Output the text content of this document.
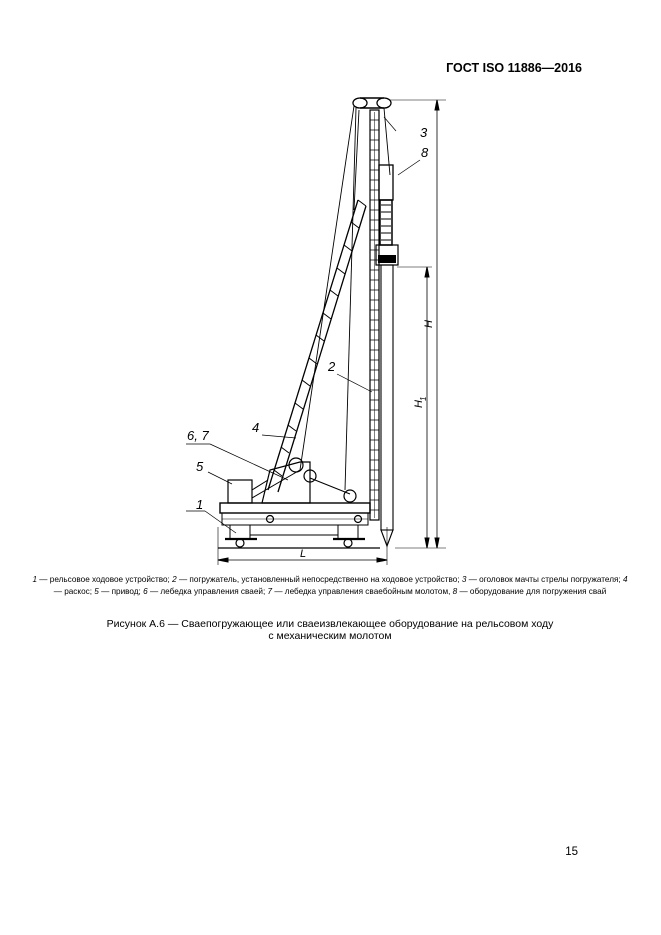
ГОСТ ISO 11886—2016
3
8
2
4
6, 7
5
1
H
H
1
L
1 — рельсовое ходовое устройство; 2 — погружатель, установленный непосредственно на ходовое устройство; 3 — оголовок мачты стрелы погружателя; 4 — раскос; 5 — привод; 6 — лебедка управления сваей; 7 — лебедка управления свaeбойным молотом, 8 — оборудование для погружения свай
Рисунок А.6 — Сваепогружающее или сваеизвлекающее оборудование на рельсовом ходу
с механическим молотом
15
